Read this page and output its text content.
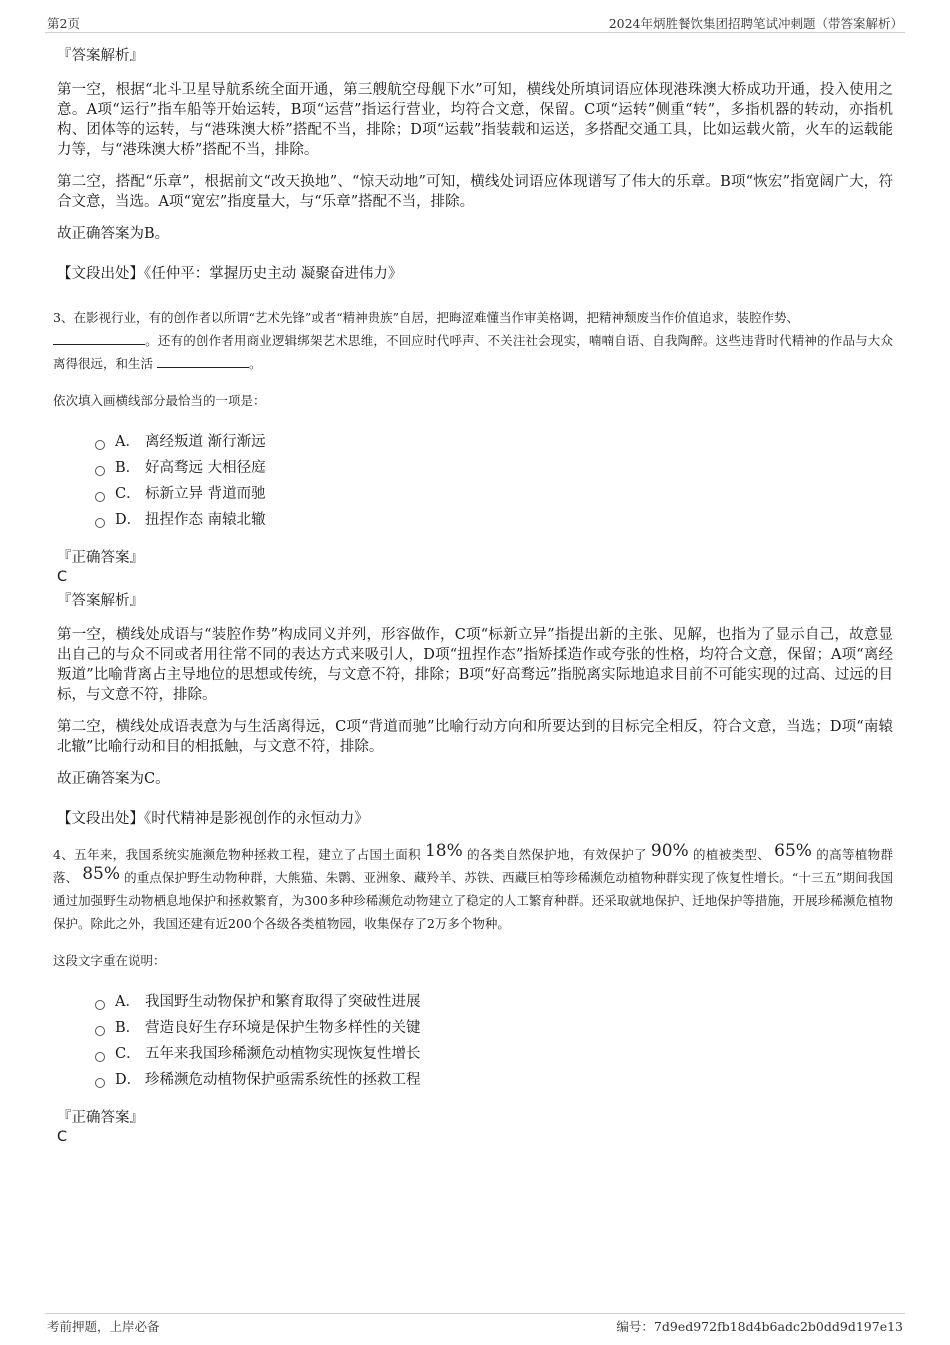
第2页	2024年炳胜餐饮集团招聘笔试冲刺题（带答案解析）
『答案解析』

第一空，根据“北斗卫星导航系统全面开通，第三艘航空母舰下水”可知，横线处所填词语应体现港珠澳大桥成功开通，投入使用之意。A项“运行”指车船等开始运转，B项“运营”指运行营业，均符合文意，保留。C项“运转”侧重“转”，多指机器的转动，亦指机构、团体等的运转，与“港珠澳大桥”搭配不当，排除；D项“运载”指装载和运送，多搭配交通工具，比如运载火箭，火车的运载能力等，与“港珠澳大桥”搭配不当，排除。

第二空，搭配“乐章”，根据前文“改天换地”、“惊天动地”可知，横线处词语应体现谱写了伟大的乐章。B项“恢宏”指宽阔广大，符合文意，当选。A项“宽宏”指度量大，与“乐章”搭配不当，排除。

故正确答案为B。

【文段出处】《任仲平：掌握历史主动 凝聚奋进伟力》

3、在影视行业，有的创作者以所谓“艺术先锋”或者“精神贵族”自居，把晦涩难懂当作审美格调，把精神颓废当作价值追求，装腔作势、
。还有的创作者用商业逻辑绑架艺术思维，不回应时代呼声、不关注社会现实，喃喃自语、自我陶醉。这些违背时代精神的作品与大众离得很远，和生活	。

依次填入画横线部分最恰当的一项是：

A． 离经叛道 渐行渐远
B． 好高骛远 大相径庭
C． 标新立异 背道而驰
D． 扭捏作态 南辕北辙
『正确答案』
C
『答案解析』

第一空，横线处成语与“装腔作势”构成同义并列，形容做作，C项“标新立异”指提出新的主张、见解，也指为了显示自己，故意显出自己的与众不同或者用往常不同的表达方式来吸引人，D项“扭捏作态”指矫揉造作或夸张的性格，均符合文意，保留；A项“离经叛道”比喻背离占主导地位的思想或传统，与文意不符，排除；B项“好高骛远”指脱离实际地追求目前不可能实现的过高、过远的目标，与文意不符，排除。

第二空，横线处成语表意为与生活离得远，C项“背道而驰”比喻行动方向和所要达到的目标完全相反，符合文意，当选；D项“南辕北辙”比喻行动和目的相抵触，与文意不符，排除。

故正确答案为C。

【文段出处】《时代精神是影视创作的永恒动力》

4、五年来，我国系统实施濒危物种拯救工程，建立了占国土面积 18% 的各类自然保护地，有效保护了 90% 的植被类型、 65% 的高等植物群落、 85% 的重点保护野生动物种群，大熊猫、朱鹮、亚洲象、藏羚羊、苏铁、西藏巨柏等珍稀濒危动植物种群实现了恢复性增长。“十三五”期间我国通过加强野生动物栖息地保护和拯救繁育，为300多种珍稀濒危动物建立了稳定的人工繁育种群。还采取就地保护、迁地保护等措施，开展珍稀濒危植物保护。除此之外，我国还建有近200个各级各类植物园，收集保存了2万多个物种。

这段文字重在说明：

A． 我国野生动物保护和繁育取得了突破性进展
B． 营造良好生存环境是保护生物多样性的关键
C． 五年来我国珍稀濒危动植物实现恢复性增长
D． 珍稀濒危动植物保护亟需系统性的拯救工程
『正确答案』
C
考前押题，上岸必备	编号：7d9ed972fb18d4b6adc2b0dd9d197e13
